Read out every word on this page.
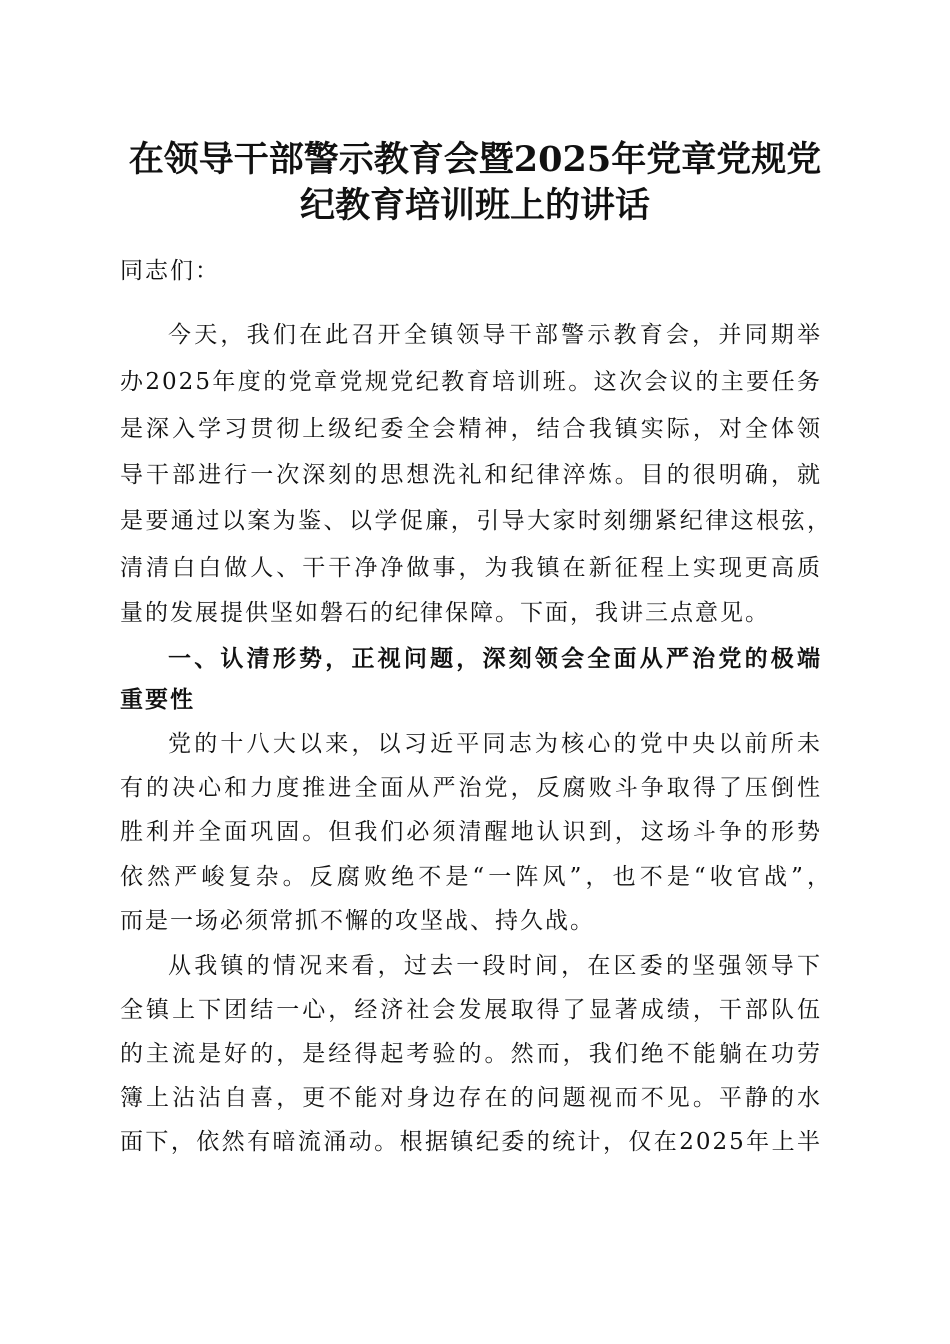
在领导干部警示教育会暨2025年党章党规党
纪教育培训班上的讲话
同志们：
今天，我们在此召开全镇领导干部警示教育会，并同期举
办2025年度的党章党规党纪教育培训班。这次会议的主要任务
是深入学习贯彻上级纪委全会精神，结合我镇实际，对全体领
导干部进行一次深刻的思想洗礼和纪律淬炼。目的很明确，就
是要通过以案为鉴、以学促廉，引导大家时刻绷紧纪律这根弦，
清清白白做人、干干净净做事，为我镇在新征程上实现更高质
量的发展提供坚如磐石的纪律保障。下面，我讲三点意见。
一、认清形势，正视问题，深刻领会全面从严治党的极端
重要性
党的十八大以来，以习近平同志为核心的党中央以前所未
有的决心和力度推进全面从严治党，反腐败斗争取得了压倒性
胜利并全面巩固。但我们必须清醒地认识到，这场斗争的形势
依然严峻复杂。反腐败绝不是“一阵风”，也不是“收官战”，
而是一场必须常抓不懈的攻坚战、持久战。
从我镇的情况来看，过去一段时间，在区委的坚强领导下
全镇上下团结一心，经济社会发展取得了显著成绩，干部队伍
的主流是好的，是经得起考验的。然而，我们绝不能躺在功劳
簿上沾沾自喜，更不能对身边存在的问题视而不见。平静的水
面下，依然有暗流涌动。根据镇纪委的统计，仅在2025年上半
